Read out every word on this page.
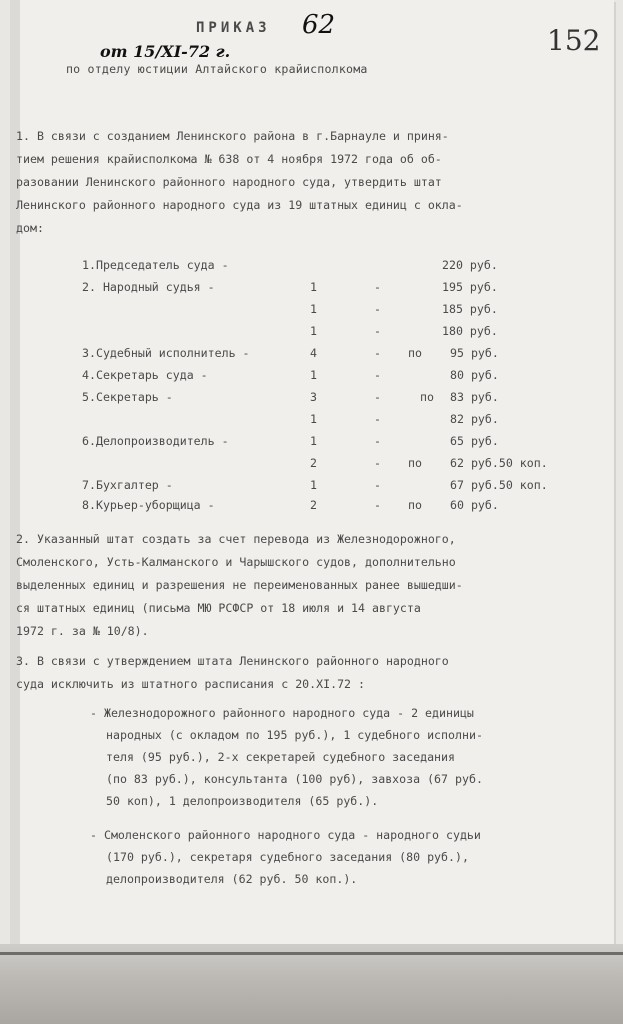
ПРИКАЗ 62
от 15/XI-72 г.	152
по отделу юстиции Алтайского крайисполкома
1. В связи с созданием Ленинского района в г.Барнауле и приня-
тием решения крайисполкома № 638 от 4 ноября 1972 года об об-
разовании Ленинского районного народного суда, утвердить штат
Ленинского районного народного суда из 19 штатных единиц с окла-
дом:
1.Председатель суда -	220 руб.
2. Народный судья -	1	-	195 руб.
1	-	185 руб.
1	-	180 руб.
3.Судебный исполнитель -	4	- по 95 руб.
4.Секретарь суда -	1	-	80 руб.
5.Секретарь -	3	-	по 83 руб.
1	-	82 руб.
6.Делопроизводитель -	1	-	65 руб.
2	- по 62 руб.50 коп.
7.Бухгалтер -	1	-	67 руб.50 коп.
8.Курьер-уборщица -	2	- по 60 руб.
2. Указанный штат создать за счет перевода из Железнодорожного,
Смоленского, Усть-Калманского и Чарышского судов, дополнительно
выделенных единиц и разрешения не переименованных ранее вышедши-
ся штатных единиц (письма МЮ РСФСР от 18 июля и 14 августа
1972 г. за № 10/8).
3. В связи с утверждением штата Ленинского районного народного
суда исключить из штатного расписания с 20.XI.72 :
- Железнодорожного районного народного суда - 2 единицы
народных (с окладом по 195 руб.), 1 судебного исполни-
теля (95 руб.), 2-х секретарей судебного заседания
(по 83 руб.), консультанта (100 руб), завхоза (67 руб.
50 коп), 1 делопроизводителя (65 руб.).
- Смоленского районного народного суда - народного судьи
(170 руб.), секретаря судебного заседания (80 руб.),
делопроизводителя (62 руб. 50 коп.).
